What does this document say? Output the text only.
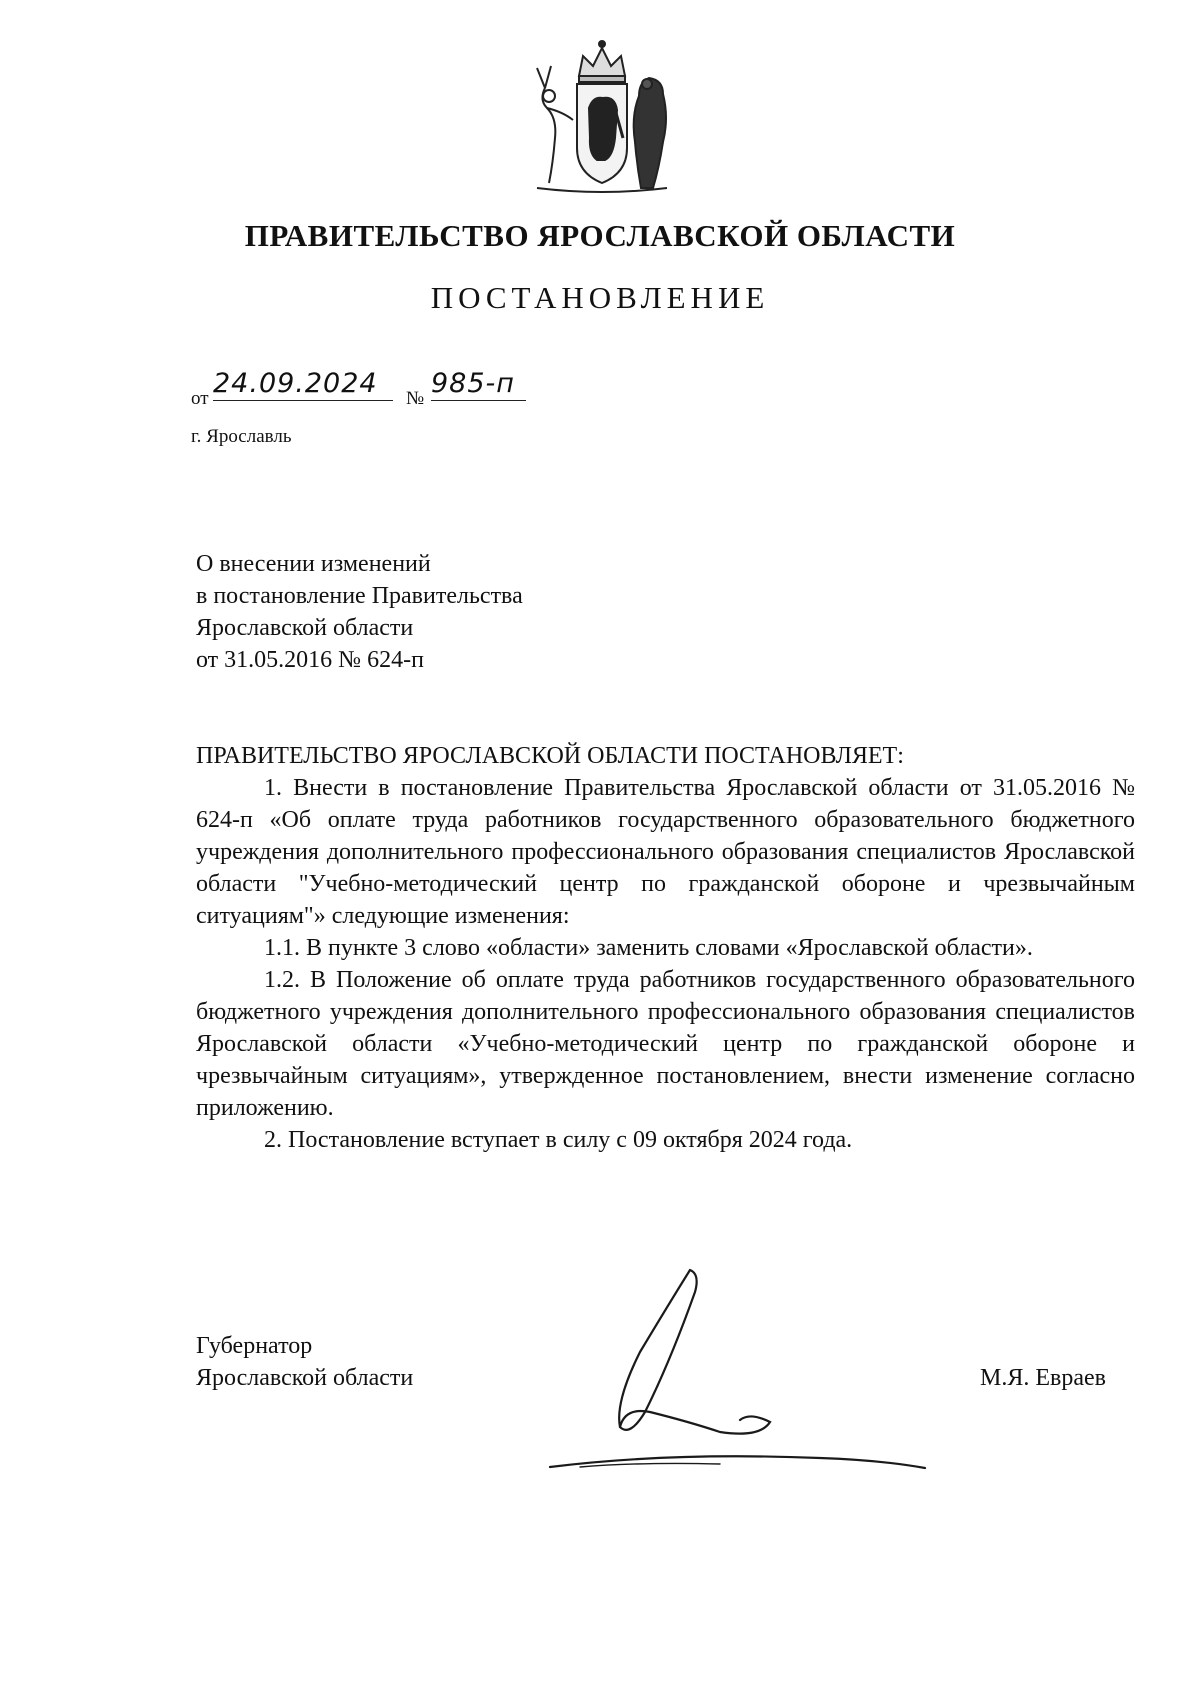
ПРАВИТЕЛЬСТВО ЯРОСЛАВСКОЙ ОБЛАСТИ
ПОСТАНОВЛЕНИЕ
от 24.09.2024	№ 985-п
г. Ярославль
О внесении изменений
в постановление Правительства
Ярославской области
от 31.05.2016 № 624-п
ПРАВИТЕЛЬСТВО ЯРОСЛАВСКОЙ ОБЛАСТИ ПОСТАНОВЛЯЕТ:

1. Внести в постановление Правительства Ярославской области от 31.05.2016 № 624-п «Об оплате труда работников государственного образовательного бюджетного учреждения дополнительного профессионального образования специалистов Ярославской области "Учебно-методический центр по гражданской обороне и чрезвычайным ситуациям"» следующие изменения:

1.1. В пункте 3 слово «области» заменить словами «Ярославской области».

1.2. В Положение об оплате труда работников государственного образовательного бюджетного учреждения дополнительного профессионального образования специалистов Ярославской области «Учебно-методический центр по гражданской обороне и чрезвычайным ситуациям», утвержденное постановлением, внести изменение согласно приложению.

2. Постановление вступает в силу с 09 октября 2024 года.

Губернатор
Ярославской области	М.Я. Евраев
